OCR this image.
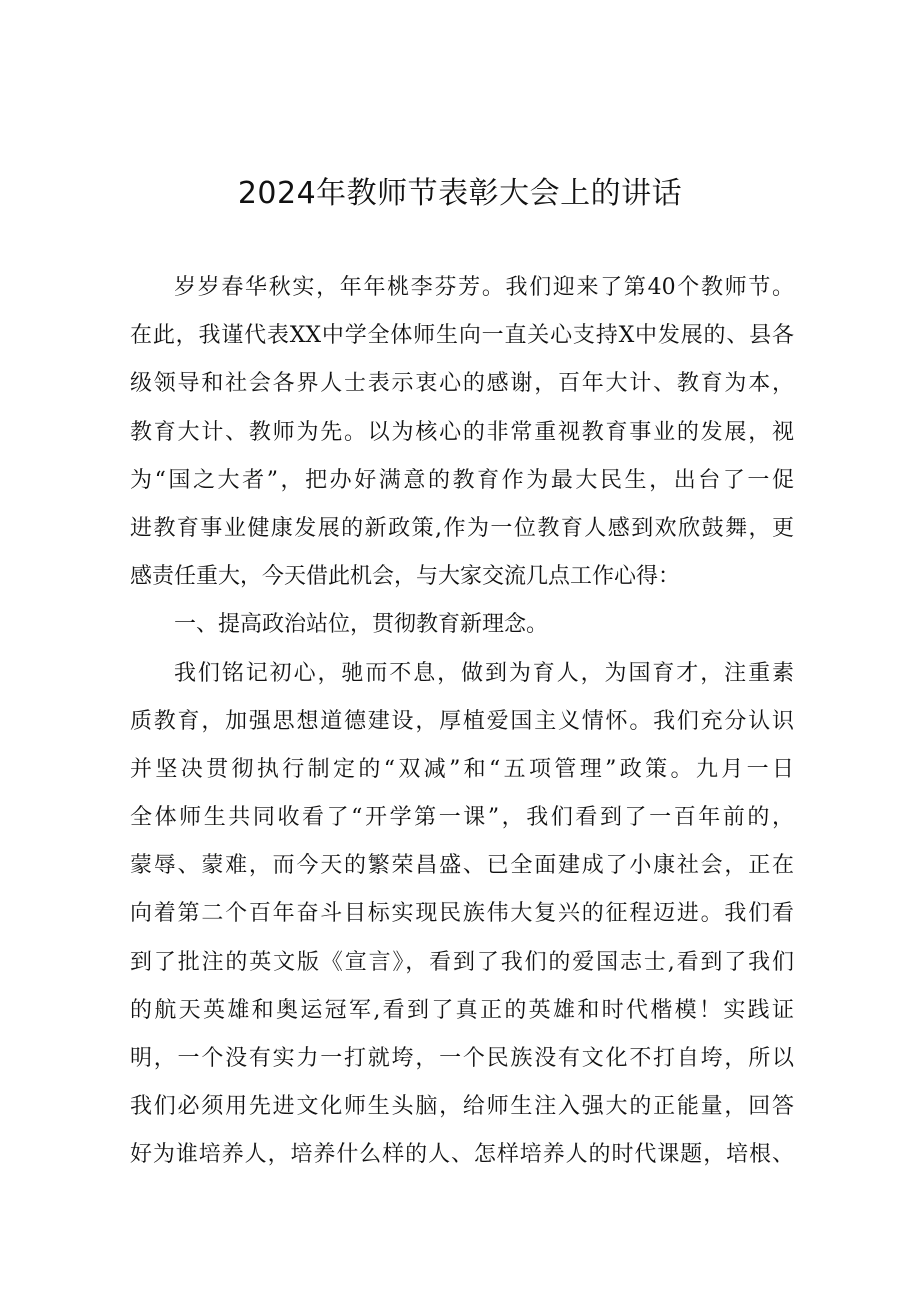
2024年教师节表彰大会上的讲话
岁岁春华秋实，年年桃李芬芳。我们迎来了第40个教师节。
在此，我谨代表XX中学全体师生向一直关心支持X中发展的、县各
级领导和社会各界人士表示衷心的感谢，百年大计、教育为本，
教育大计、教师为先。以为核心的非常重视教育事业的发展，视
为“国之大者”，把办好满意的教育作为最大民生，出台了一促
进教育事业健康发展的新政策,作为一位教育人感到欢欣鼓舞，更
感责任重大，今天借此机会，与大家交流几点工作心得：
一、提高政治站位，贯彻教育新理念。
我们铭记初心，驰而不息，做到为育人，为国育才，注重素
质教育，加强思想道德建设，厚植爱国主义情怀。我们充分认识
并坚决贯彻执行制定的“双减”和“五项管理”政策。九月一日
全体师生共同收看了“开学第一课”，我们看到了一百年前的，
蒙辱、蒙难，而今天的繁荣昌盛、已全面建成了小康社会，正在
向着第二个百年奋斗目标实现民族伟大复兴的征程迈进。我们看
到了批注的英文版《宣言》，看到了我们的爱国志士,看到了我们
的航天英雄和奥运冠军,看到了真正的英雄和时代楷模！实践证
明，一个没有实力一打就垮，一个民族没有文化不打自垮，所以
我们必须用先进文化师生头脑，给师生注入强大的正能量，回答
好为谁培养人，培养什么样的人、怎样培养人的时代课题，培根、
